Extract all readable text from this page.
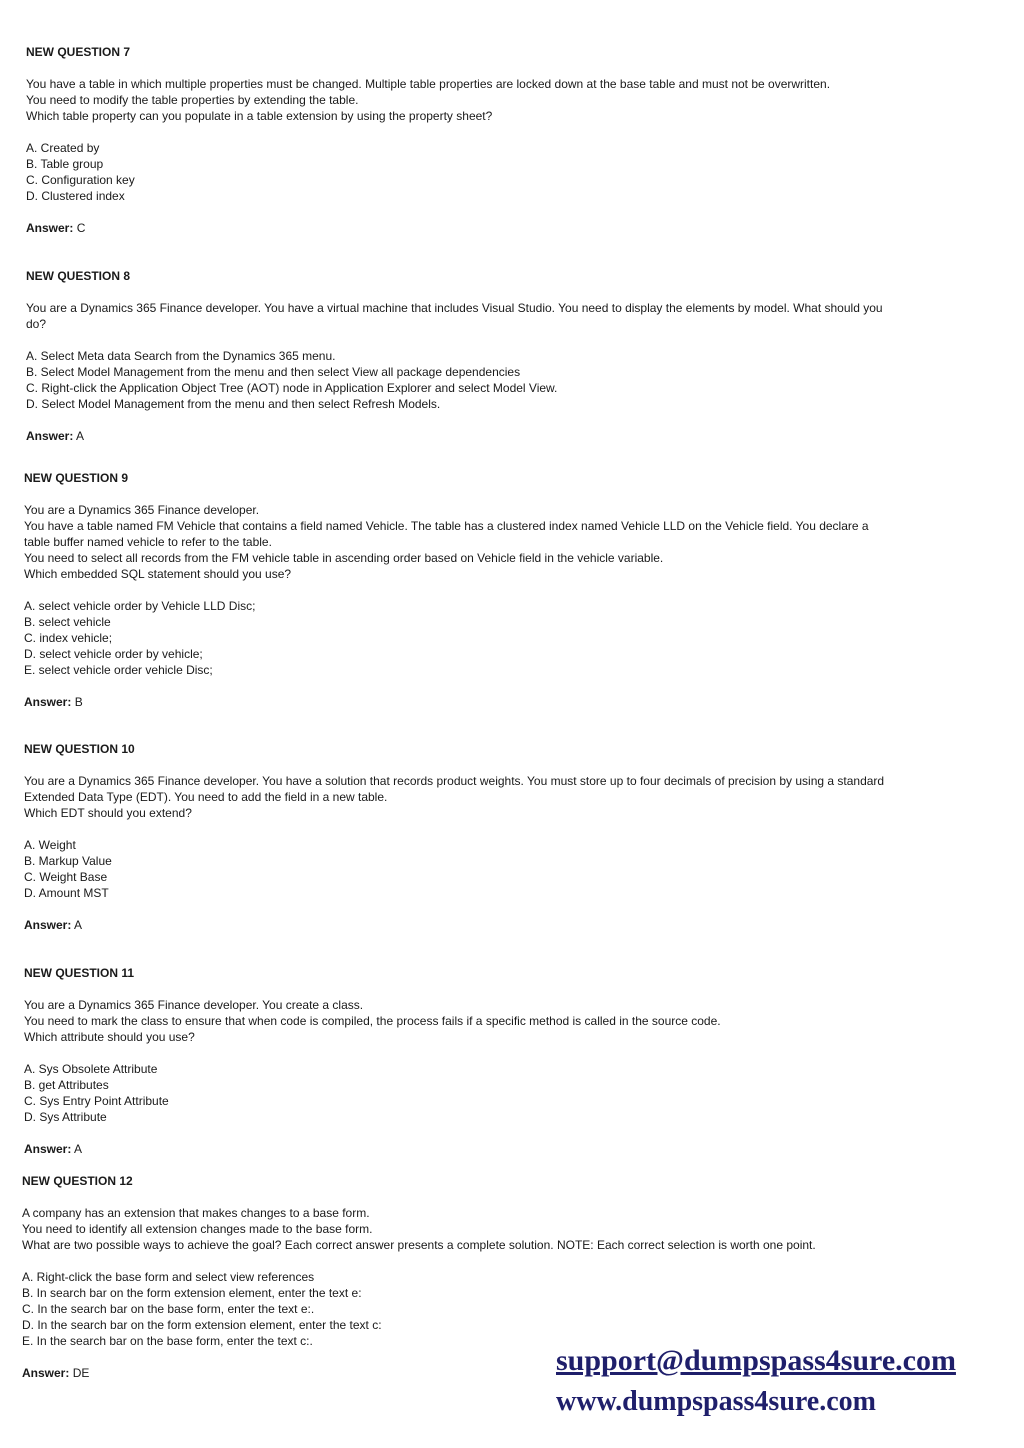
NEW QUESTION 7

You have a table in which multiple properties must be changed. Multiple table properties are locked down at the base table and must not be overwritten.

You need to modify the table properties by extending the table.

Which table property can you populate in a table extension by using the property sheet?

A. Created by

B. Table group

C. Configuration key

D. Clustered index

Answer: C

NEW QUESTION 8

You are a Dynamics 365 Finance developer. You have a virtual machine that includes Visual Studio. You need to display the elements by model. What should you

do?

A. Select Meta data Search from the Dynamics 365 menu.

B. Select Model Management from the menu and then select View all package dependencies

C. Right-click the Application Object Tree (AOT) node in Application Explorer and select Model View.

D. Select Model Management from the menu and then select Refresh Models.

Answer: A

NEW QUESTION 9

You are a Dynamics 365 Finance developer.

You have a table named FM Vehicle that contains a field named Vehicle. The table has a clustered index named Vehicle LLD on the Vehicle field. You declare a

table buffer named vehicle to refer to the table.

You need to select all records from the FM vehicle table in ascending order based on Vehicle field in the vehicle variable.

Which embedded SQL statement should you use?

A. select vehicle order by Vehicle LLD Disc;

B. select vehicle

C. index vehicle;

D. select vehicle order by vehicle;

E. select vehicle order vehicle Disc;

Answer: B

NEW QUESTION 10

You are a Dynamics 365 Finance developer. You have a solution that records product weights. You must store up to four decimals of precision by using a standard

Extended Data Type (EDT). You need to add the field in a new table.

Which EDT should you extend?

A. Weight

B. Markup Value

C. Weight Base

D. Amount MST

Answer: A

NEW QUESTION 11

You are a Dynamics 365 Finance developer. You create a class.

You need to mark the class to ensure that when code is compiled, the process fails if a specific method is called in the source code.

Which attribute should you use?

A. Sys Obsolete Attribute

B. get Attributes

C. Sys Entry Point Attribute

D. Sys Attribute

Answer: A

NEW QUESTION 12

A company has an extension that makes changes to a base form.

You need to identify all extension changes made to the base form.

What are two possible ways to achieve the goal? Each correct answer presents a complete solution. NOTE: Each correct selection is worth one point.

A. Right-click the base form and select view references

B. In search bar on the form extension element, enter the text e:

C. In the search bar on the base form, enter the text e:.

D. In the search bar on the form extension element, enter the text c:

E. In the search bar on the base form, enter the text c:.

Answer: DE	support@dumpspass4sure.com
www.dumpspass4sure.com
